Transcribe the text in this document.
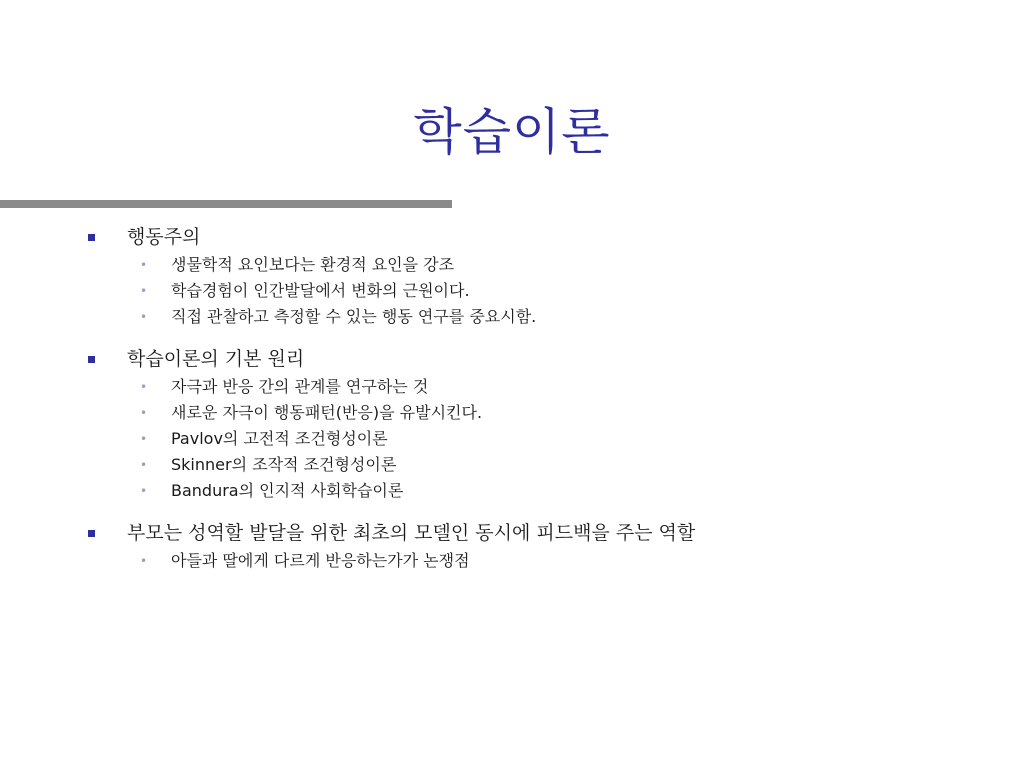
학습이론
행동주의
• 생물학적 요인보다는 환경적 요인을 강조
• 학습경험이 인간발달에서 변화의 근원이다.
• 직접 관찰하고 측정할 수 있는 행동 연구를 중요시함.
학습이론의 기본 원리
• 자극과 반응 간의 관계를 연구하는 것
• 새로운 자극이 행동패턴(반응)을 유발시킨다.
• Pavlov의 고전적 조건형성이론
• Skinner의 조작적 조건형성이론
• Bandura의 인지적 사회학습이론
부모는 성역할 발달을 위한 최초의 모델인 동시에 피드백을 주는 역할
• 아들과 딸에게 다르게 반응하는가가 논쟁점
